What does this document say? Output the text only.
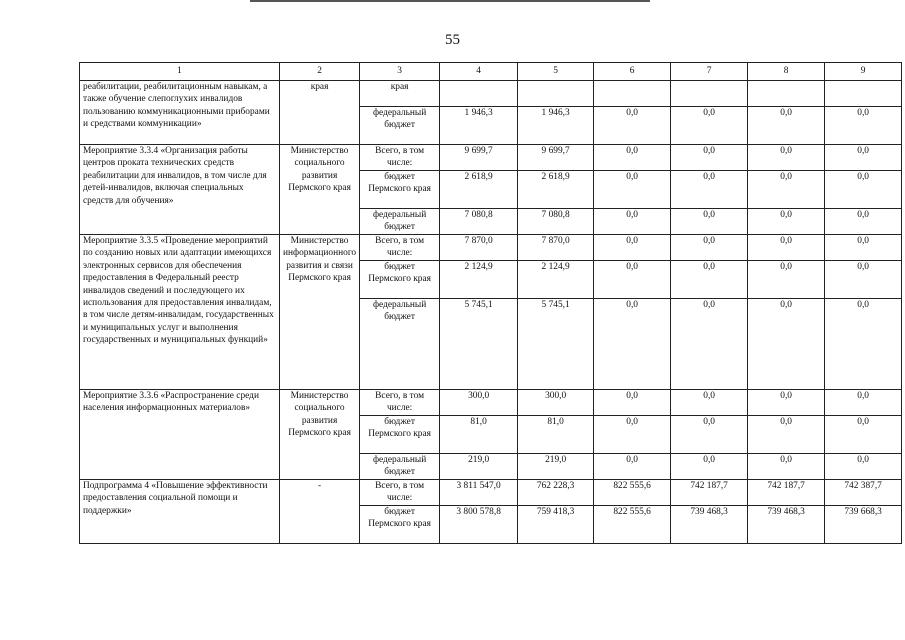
55
1	2	3	4	5	6	7	8	9
реабилитации, реабилитационным навыкам, а также обучение слепоглухих инвалидов пользованию коммуникационными приборами и средствами коммуникации»	края	края						
		федеральный бюджет	1 946,3	1 946,3	0,0	0,0	0,0	0,0
Мероприятие 3.3.4 «Организация работы центров проката технических средств реабилитации для инвалидов, в том числе для детей-инвалидов, включая специальных средств для обучения»	Министерство социального развития Пермского края	Всего, в том числе:	9 699,7	9 699,7	0,0	0,0	0,0	0,0
		бюджет Пермского края	2 618,9	2 618,9	0,0	0,0	0,0	0,0
		федеральный бюджет	7 080,8	7 080,8	0,0	0,0	0,0	0,0
Мероприятие 3.3.5 «Проведение мероприятий по созданию новых или адаптации имеющихся электронных сервисов для обеспечения предоставления в Федеральный реестр инвалидов сведений и последующего их использования для предоставления инвалидам, в том числе детям-инвалидам, государственных и муниципальных услуг и выполнения государственных и муниципальных функций»	Министерство информационного развития и связи Пермского края	Всего, в том числе:	7 870,0	7 870,0	0,0	0,0	0,0	0,0
		бюджет Пермского края	2 124,9	2 124,9	0,0	0,0	0,0	0,0
		федеральный бюджет	5 745,1	5 745,1	0,0	0,0	0,0	0,0
Мероприятие 3.3.6 «Распространение среди населения информационных материалов»	Министерство социального развития Пермского края	Всего, в том числе:	300,0	300,0	0,0	0,0	0,0	0,0
		бюджет Пермского края	81,0	81,0	0,0	0,0	0,0	0,0
		федеральный бюджет	219,0	219,0	0,0	0,0	0,0	0,0
Подпрограмма 4 «Повышение эффективности предоставления социальной помощи и поддержки»	-	Всего, в том числе:	3 811 547,0	762 228,3	822 555,6	742 187,7	742 187,7	742 387,7
		бюджет Пермского края	3 800 578,8	759 418,3	822 555,6	739 468,3	739 468,3	739 668,3
